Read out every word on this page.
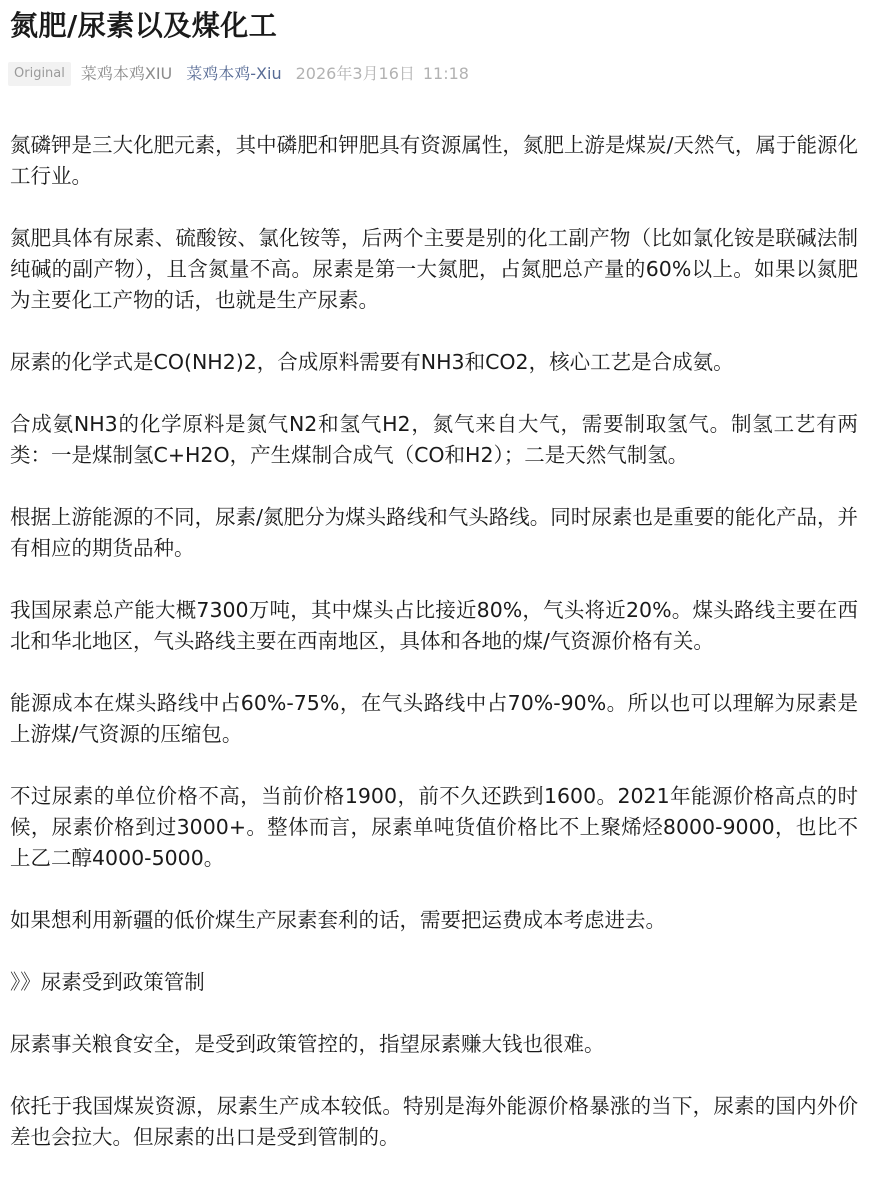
氮肥/尿素以及煤化工
Original	菜鸡本鸡XIU 菜鸡本鸡-Xiu 2026年3月16日 11:18

氮磷钾是三大化肥元素，其中磷肥和钾肥具有资源属性，氮肥上游是煤炭/天然气，属于能源化工行业。

氮肥具体有尿素、硫酸铵、氯化铵等，后两个主要是别的化工副产物（比如氯化铵是联碱法制纯碱的副产物），且含氮量不高。尿素是第一大氮肥，占氮肥总产量的60%以上。如果以氮肥为主要化工产物的话，也就是生产尿素。

尿素的化学式是CO(NH2)2，合成原料需要有NH3和CO2，核心工艺是合成氨。

合成氨NH3的化学原料是氮气N2和氢气H2，氮气来自大气，需要制取氢气。制氢工艺有两类：一是煤制氢C+H2O，产生煤制合成气（CO和H2）；二是天然气制氢。

根据上游能源的不同，尿素/氮肥分为煤头路线和气头路线。同时尿素也是重要的能化产品，并有相应的期货品种。

我国尿素总产能大概7300万吨，其中煤头占比接近80%，气头将近20%。煤头路线主要在西北和华北地区，气头路线主要在西南地区，具体和各地的煤/气资源价格有关。

能源成本在煤头路线中占60%-75%，在气头路线中占70%-90%。所以也可以理解为尿素是上游煤/气资源的压缩包。

不过尿素的单位价格不高，当前价格1900，前不久还跌到1600。2021年能源价格高点的时候，尿素价格到过3000+。整体而言，尿素单吨货值价格比不上聚烯烃8000-9000，也比不上乙二醇4000-5000。

如果想利用新疆的低价煤生产尿素套利的话，需要把运费成本考虑进去。

》》尿素受到政策管制

尿素事关粮食安全，是受到政策管控的，指望尿素赚大钱也很难。

依托于我国煤炭资源，尿素生产成本较低。特别是海外能源价格暴涨的当下，尿素的国内外价差也会拉大。但尿素的出口是受到管制的。
